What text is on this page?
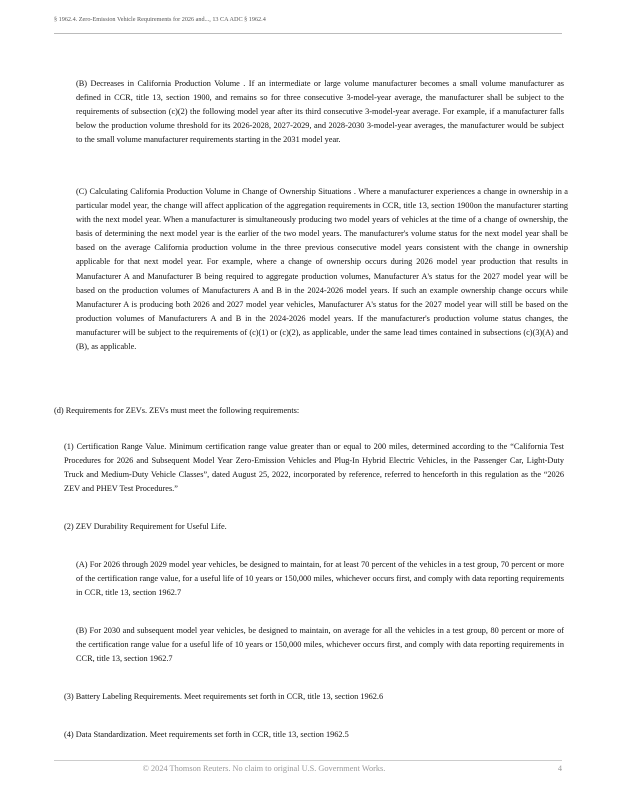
§ 1962.4. Zero-Emission Vehicle Requirements for 2026 and..., 13 CA ADC § 1962.4
(B) Decreases in California Production Volume . If an intermediate or large volume manufacturer becomes a small volume manufacturer as defined in CCR, title 13, section 1900, and remains so for three consecutive 3-model-year average, the manufacturer shall be subject to the requirements of subsection (c)(2) the following model year after its third consecutive 3-model-year average. For example, if a manufacturer falls below the production volume threshold for its 2026-2028, 2027-2029, and 2028-2030 3-model-year averages, the manufacturer would be subject to the small volume manufacturer requirements starting in the 2031 model year.
(C) Calculating California Production Volume in Change of Ownership Situations . Where a manufacturer experiences a change in ownership in a particular model year, the change will affect application of the aggregation requirements in CCR, title 13, section 1900on the manufacturer starting with the next model year. When a manufacturer is simultaneously producing two model years of vehicles at the time of a change of ownership, the basis of determining the next model year is the earlier of the two model years. The manufacturer's volume status for the next model year shall be based on the average California production volume in the three previous consecutive model years consistent with the change in ownership applicable for that next model year. For example, where a change of ownership occurs during 2026 model year production that results in Manufacturer A and Manufacturer B being required to aggregate production volumes, Manufacturer A's status for the 2027 model year will be based on the production volumes of Manufacturers A and B in the 2024-2026 model years. If such an example ownership change occurs while Manufacturer A is producing both 2026 and 2027 model year vehicles, Manufacturer A's status for the 2027 model year will still be based on the production volumes of Manufacturers A and B in the 2024-2026 model years. If the manufacturer's production volume status changes, the manufacturer will be subject to the requirements of (c)(1) or (c)(2), as applicable, under the same lead times contained in subsections (c)(3)(A) and (B), as applicable.
(d) Requirements for ZEVs. ZEVs must meet the following requirements:
(1) Certification Range Value. Minimum certification range value greater than or equal to 200 miles, determined according to the “California Test Procedures for 2026 and Subsequent Model Year Zero-Emission Vehicles and Plug-In Hybrid Electric Vehicles, in the Passenger Car, Light-Duty Truck and Medium-Duty Vehicle Classes”, dated August 25, 2022, incorporated by reference, referred to henceforth in this regulation as the “2026 ZEV and PHEV Test Procedures.”
(2) ZEV Durability Requirement for Useful Life.
(A) For 2026 through 2029 model year vehicles, be designed to maintain, for at least 70 percent of the vehicles in a test group, 70 percent or more of the certification range value, for a useful life of 10 years or 150,000 miles, whichever occurs first, and comply with data reporting requirements in CCR, title 13, section 1962.7
(B) For 2030 and subsequent model year vehicles, be designed to maintain, on average for all the vehicles in a test group, 80 percent or more of the certification range value for a useful life of 10 years or 150,000 miles, whichever occurs first, and comply with data reporting requirements in CCR, title 13, section 1962.7
(3) Battery Labeling Requirements. Meet requirements set forth in CCR, title 13, section 1962.6
(4) Data Standardization. Meet requirements set forth in CCR, title 13, section 1962.5
© 2024 Thomson Reuters. No claim to original U.S. Government Works.	4
